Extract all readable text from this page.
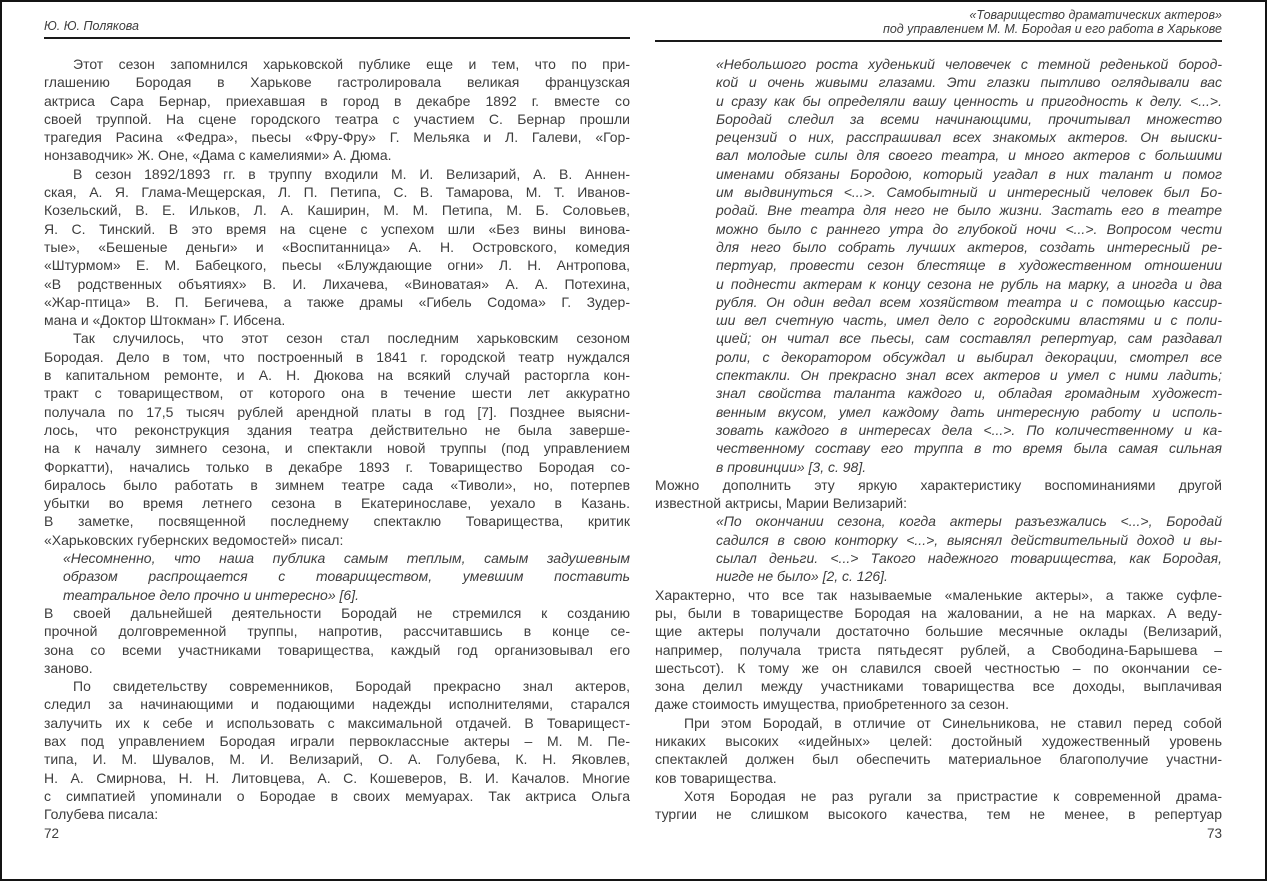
Ю. Ю. Полякова
Этот сезон запомнился харьковской публике еще и тем, что по при-
глашению Бородая в Харькове гастролировала великая французская
актриса Сара Бернар, приехавшая в город в декабре 1892 г. вместе со
своей труппой. На сцене городского театра с участием С. Бернар прошли
трагедия Расина «Федра», пьесы «Фру-Фру» Г. Мельяка и Л. Галеви, «Гор-
нонзаводчик» Ж. Оне, «Дама с камелиями» А. Дюма.
В сезон 1892/1893 гг. в труппу входили М. И. Велизарий, А. В. Аннен-
ская, А. Я. Глама-Мещерская, Л. П. Петипа, С. В. Тамарова, М. Т. Иванов-
Козельский, В. Е. Ильков, Л. А. Каширин, М. М. Петипа, М. Б. Соловьев,
Я. С. Тинский. В это время на сцене с успехом шли «Без вины винова-
тые», «Бешеные деньги» и «Воспитанница» А. Н. Островского, комедия
«Штурмом» Е. М. Бабецкого, пьесы «Блуждающие огни» Л. Н. Антропова,
«В родственных объятиях» В. И. Лихачева, «Виноватая» А. А. Потехина,
«Жар-птица» В. П. Бегичева, а также драмы «Гибель Содома» Г. Зудер-
мана и «Доктор Штокман» Г. Ибсена.
Так случилось, что этот сезон стал последним харьковским сезоном
Бородая. Дело в том, что построенный в 1841 г. городской театр нуждался
в капитальном ремонте, и А. Н. Дюкова на всякий случай расторгла кон-
тракт с товариществом, от которого она в течение шести лет аккуратно
получала по 17,5 тысяч рублей арендной платы в год [7]. Позднее выясни-
лось, что реконструкция здания театра действительно не была заверше-
на к началу зимнего сезона, и спектакли новой труппы (под управлением
Форкатти), начались только в декабре 1893 г. Товарищество Бородая со-
биралось было работать в зимнем театре сада «Тиволи», но, потерпев
убытки во время летнего сезона в Екатеринославе, уехало в Казань.
В заметке, посвященной последнему спектаклю Товарищества, критик
«Харьковских губернских ведомостей» писал:
«Несомненно, что наша публика самым теплым, самым задушевным
образом распрощается с товариществом, умевшим поставить
театральное дело прочно и интересно» [6].
В своей дальнейшей деятельности Бородай не стремился к созданию
прочной долговременной труппы, напротив, рассчитавшись в конце се-
зона со всеми участниками товарищества, каждый год организовывал его
заново.
По свидетельству современников, Бородай прекрасно знал актеров,
следил за начинающими и подающими надежды исполнителями, старался
залучить их к себе и использовать с максимальной отдачей. В Товарищест-
вах под управлением Бородая играли первоклассные актеры – М. М. Пе-
типа, И. М. Шувалов, М. И. Велизарий, О. А. Голубева, К. Н. Яковлев,
Н. А. Смирнова, Н. Н. Литовцева, А. С. Кошеверов, В. И. Качалов. Многие
с симпатией упоминали о Бородае в своих мемуарах. Так актриса Ольга
Голубева писала:
72
«Товарищество драматических актеров»
под управлением М. М. Бородая и его работа в Харькове
«Небольшого роста худенький человечек с темной реденькой бород-
кой и очень живыми глазами. Эти глазки пытливо оглядывали вас
и сразу как бы определяли вашу ценность и пригодность к делу. <...>.
Бородай следил за всеми начинающими, прочитывал множество
рецензий о них, расспрашивал всех знакомых актеров. Он выиски-
вал молодые силы для своего театра, и много актеров с большими
именами обязаны Бородою, который угадал в них талант и помог
им выдвинуться <...>. Самобытный и интересный человек был Бо-
родай. Вне театра для него не было жизни. Застать его в театре
можно было с раннего утра до глубокой ночи <...>. Вопросом чести
для него было собрать лучших актеров, создать интересный ре-
пертуар, провести сезон блестяще в художественном отношении
и поднести актерам к концу сезона не рубль на марку, а иногда и два
рубля. Он один ведал всем хозяйством театра и с помощью кассир-
ши вел счетную часть, имел дело с городскими властями и с поли-
цией; он читал все пьесы, сам составлял репертуар, сам раздавал
роли, с декоратором обсуждал и выбирал декорации, смотрел все
спектакли. Он прекрасно знал всех актеров и умел с ними ладить;
знал свойства таланта каждого и, обладая громадным художест-
венным вкусом, умел каждому дать интересную работу и исполь-
зовать каждого в интересах дела <...>. По количественному и ка-
чественному составу его труппа в то время была самая сильная
в провинции» [3, с. 98].
Можно дополнить эту яркую характеристику воспоминаниями другой
известной актрисы, Марии Велизарий:
«По окончании сезона, когда актеры разъезжались <...>, Бородай
садился в свою конторку <...>, выяснял действительный доход и вы-
сылал деньги. <...> Такого надежного товарищества, как Бородая,
нигде не было» [2, с. 126].
Характерно, что все так называемые «маленькие актеры», а также суфле-
ры, были в товариществе Бородая на жаловании, а не на марках. А веду-
щие актеры получали достаточно большие месячные оклады (Велизарий,
например, получала триста пятьдесят рублей, а Свободина-Барышева –
шестьсот). К тому же он славился своей честностью – по окончании се-
зона делил между участниками товарищества все доходы, выплачивая
даже стоимость имущества, приобретенного за сезон.
При этом Бородай, в отличие от Синельникова, не ставил перед собой
никаких высоких «идейных» целей: достойный художественный уровень
спектаклей должен был обеспечить материальное благополучие участни-
ков товарищества.
Хотя Бородая не раз ругали за пристрастие к современной драма-
тургии не слишком высокого качества, тем не менее, в репертуар
73
